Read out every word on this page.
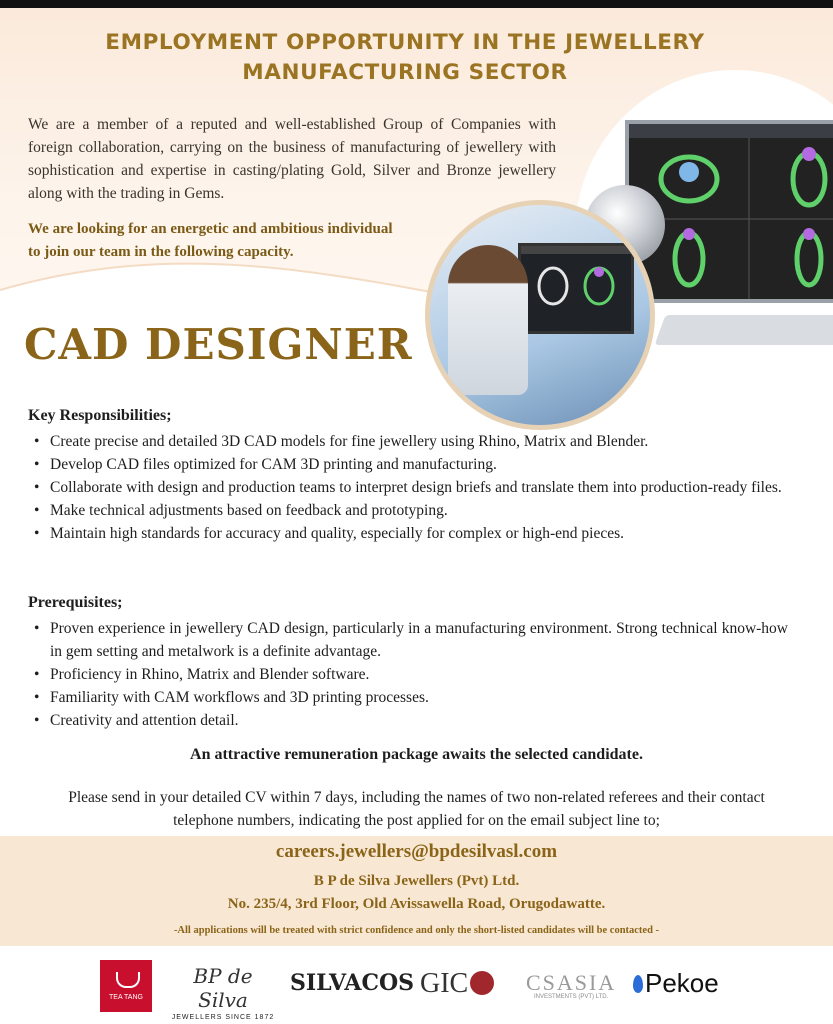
EMPLOYMENT OPPORTUNITY IN THE JEWELLERY
MANUFACTURING SECTOR
We are a member of a reputed and well-established Group of Companies with foreign collaboration, carrying on the business of manufacturing of jewellery with sophistication and expertise in casting/plating Gold, Silver and Bronze jewellery along with the trading in Gems.
We are looking for an energetic and ambitious individual
to join our team in the following capacity.
CAD DESIGNER
Key Responsibilities;
• Create precise and detailed 3D CAD models for fine jewellery using Rhino, Matrix and Blender.
• Develop CAD files optimized for CAM 3D printing and manufacturing.
• Collaborate with design and production teams to interpret design briefs and translate them into production-ready files.
• Make technical adjustments based on feedback and prototyping.
• Maintain high standards for accuracy and quality, especially for complex or high-end pieces.
Prerequisites;
• Proven experience in jewellery CAD design, particularly in a manufacturing environment. Strong technical know-how in gem setting and metalwork is a definite advantage.
• Proficiency in Rhino, Matrix and Blender software.
• Familiarity with CAM workflows and 3D printing processes.
• Creativity and attention detail.
An attractive remuneration package awaits the selected candidate.
Please send in your detailed CV within 7 days, including the names of two non-related referees and their contact telephone numbers, indicating the post applied for on the email subject line to;
careers.jewellers@bpdesilvasl.com
B P de Silva Jewellers (Pvt) Ltd.
No. 235/4, 3rd Floor, Old Avissawella Road, Orugodawatte.
-All applications will be treated with strict confidence and only the short-listed candidates will be contacted -
TEA TANG
BP de Silva
JEWELLERS SINCE 1872
SILVACOS GIC	CSASIA
INVESTMENTS (PVT) LTD.	Pekoe
